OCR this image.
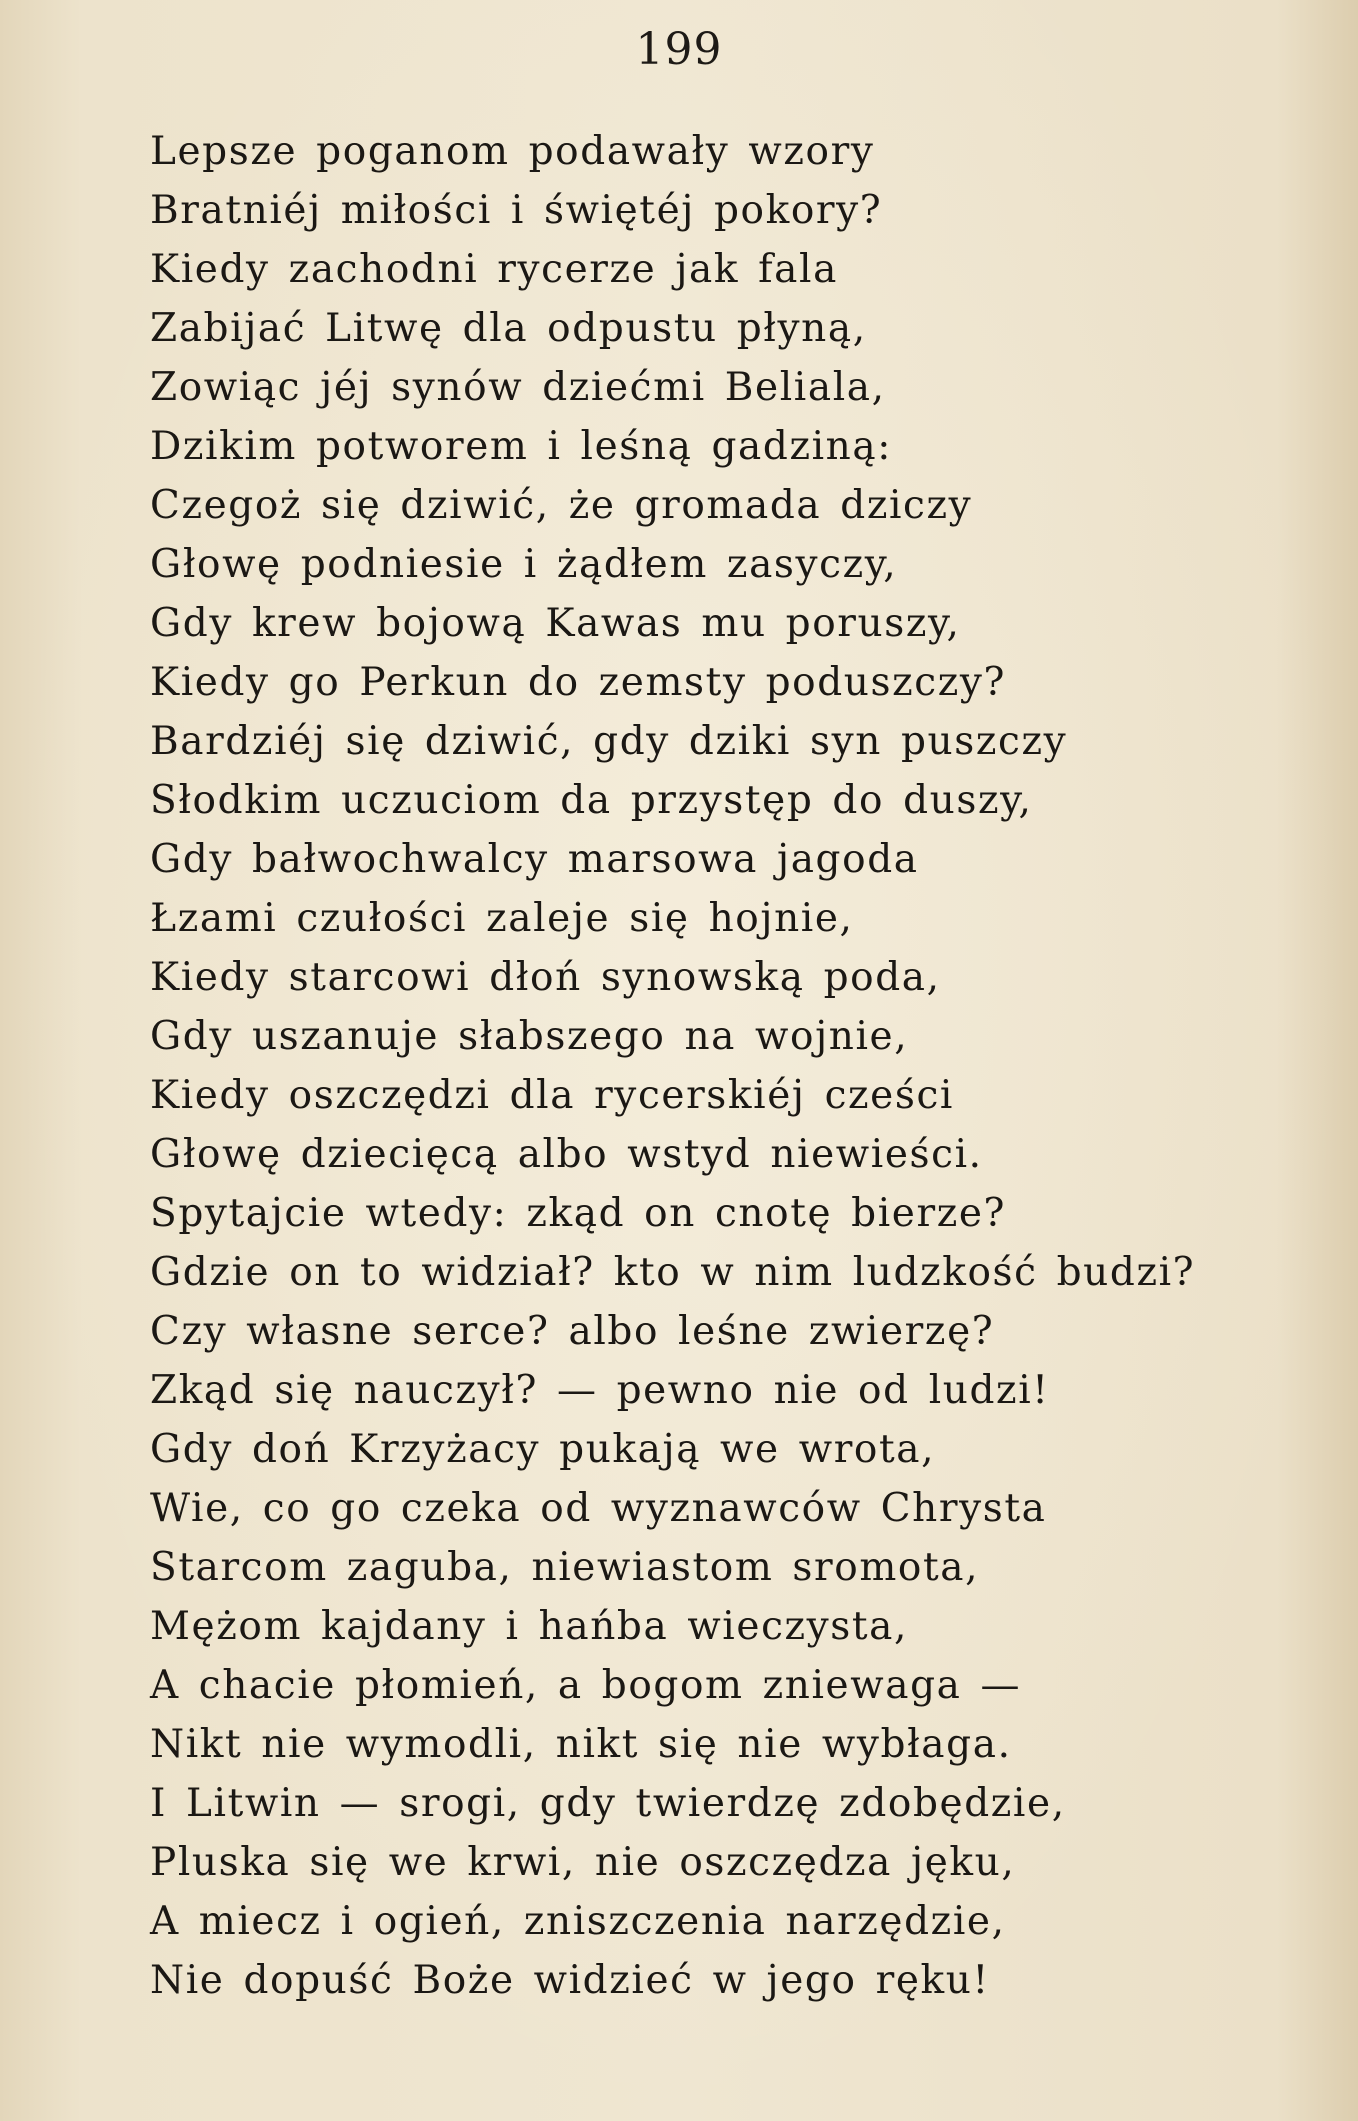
199
Lepsze poganom podawały wzory
Bratniéj miłości i świętéj pokory?
Kiedy zachodni rycerze jak fala
Zabijać Litwę dla odpustu płyną,
Zowiąc jéj synów dziećmi Beliala,
Dzikim potworem i leśną gadziną:
Czegoż się dziwić, że gromada dziczy
Głowę podniesie i żądłem zasyczy,
Gdy krew bojową Kawas mu poruszy,
Kiedy go Perkun do zemsty poduszczy?
Bardziéj się dziwić, gdy dziki syn puszczy
Słodkim uczuciom da przystęp do duszy,
Gdy bałwochwalcy marsowa jagoda
Łzami czułości zaleje się hojnie,
Kiedy starcowi dłoń synowską poda,
Gdy uszanuje słabszego na wojnie,
Kiedy oszczędzi dla rycerskiéj cześci
Głowę dziecięcą albo wstyd niewieści.
Spytajcie wtedy: zkąd on cnotę bierze?
Gdzie on to widział? kto w nim ludzkość budzi?
Czy własne serce? albo leśne zwierzę?
Zkąd się nauczył? — pewno nie od ludzi!
Gdy doń Krzyżacy pukają we wrota,
Wie, co go czeka od wyznawców Chrysta
Starcom zaguba, niewiastom sromota,
Mężom kajdany i hańba wieczysta,
A chacie płomień, a bogom zniewaga —
Nikt nie wymodli, nikt się nie wybłaga.
I Litwin — srogi, gdy twierdzę zdobędzie,
Pluska się we krwi, nie oszczędza jęku,
A miecz i ogień, zniszczenia narzędzie,
Nie dopuść Boże widzieć w jego ręku!
